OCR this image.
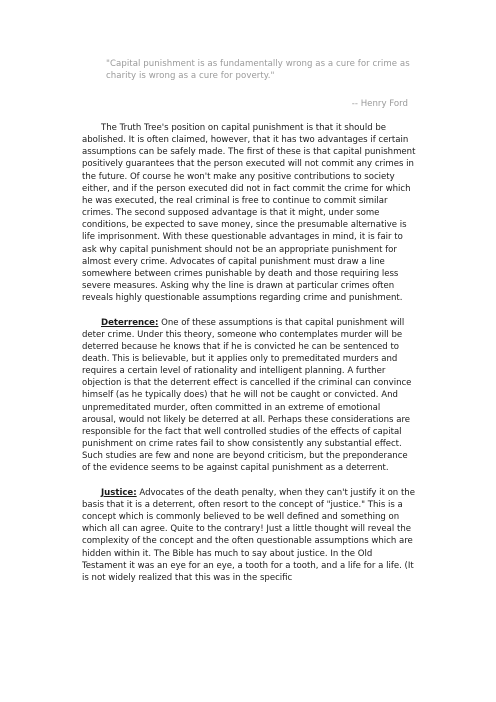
"Capital punishment is as fundamentally wrong as a cure for crime as charity is wrong as a cure for poverty."
-- Henry Ford

The Truth Tree's position on capital punishment is that it should be abolished. It is often claimed, however, that it has two advantages if certain assumptions can be safely made. The first of these is that capital punishment positively guarantees that the person executed will not commit any crimes in the future. Of course he won't make any positive contributions to society either, and if the person executed did not in fact commit the crime for which he was executed, the real criminal is free to continue to commit similar crimes. The second supposed advantage is that it might, under some conditions, be expected to save money, since the presumable alternative is life imprisonment. With these questionable advantages in mind, it is fair to ask why capital punishment should not be an appropriate punishment for almost every crime. Advocates of capital punishment must draw a line somewhere between crimes punishable by death and those requiring less severe measures. Asking why the line is drawn at particular crimes often reveals highly questionable assumptions regarding crime and punishment.

Deterrence: One of these assumptions is that capital punishment will deter crime. Under this theory, someone who contemplates murder will be deterred because he knows that if he is convicted he can be sentenced to death. This is believable, but it applies only to premeditated murders and requires a certain level of rationality and intelligent planning. A further objection is that the deterrent effect is cancelled if the criminal can convince himself (as he typically does) that he will not be caught or convicted. And unpremeditated murder, often committed in an extreme of emotional arousal, would not likely be deterred at all. Perhaps these considerations are responsible for the fact that well controlled studies of the effects of capital punishment on crime rates fail to show consistently any substantial effect. Such studies are few and none are beyond criticism, but the preponderance of the evidence seems to be against capital punishment as a deterrent.

Justice: Advocates of the death penalty, when they can't justify it on the basis that it is a deterrent, often resort to the concept of "justice." This is a concept which is commonly believed to be well defined and something on which all can agree. Quite to the contrary! Just a little thought will reveal the complexity of the concept and the often questionable assumptions which are hidden within it. The Bible has much to say about justice. In the Old Testament it was an eye for an eye, a tooth for a tooth, and a life for a life. (It is not widely realized that this was in the specific
